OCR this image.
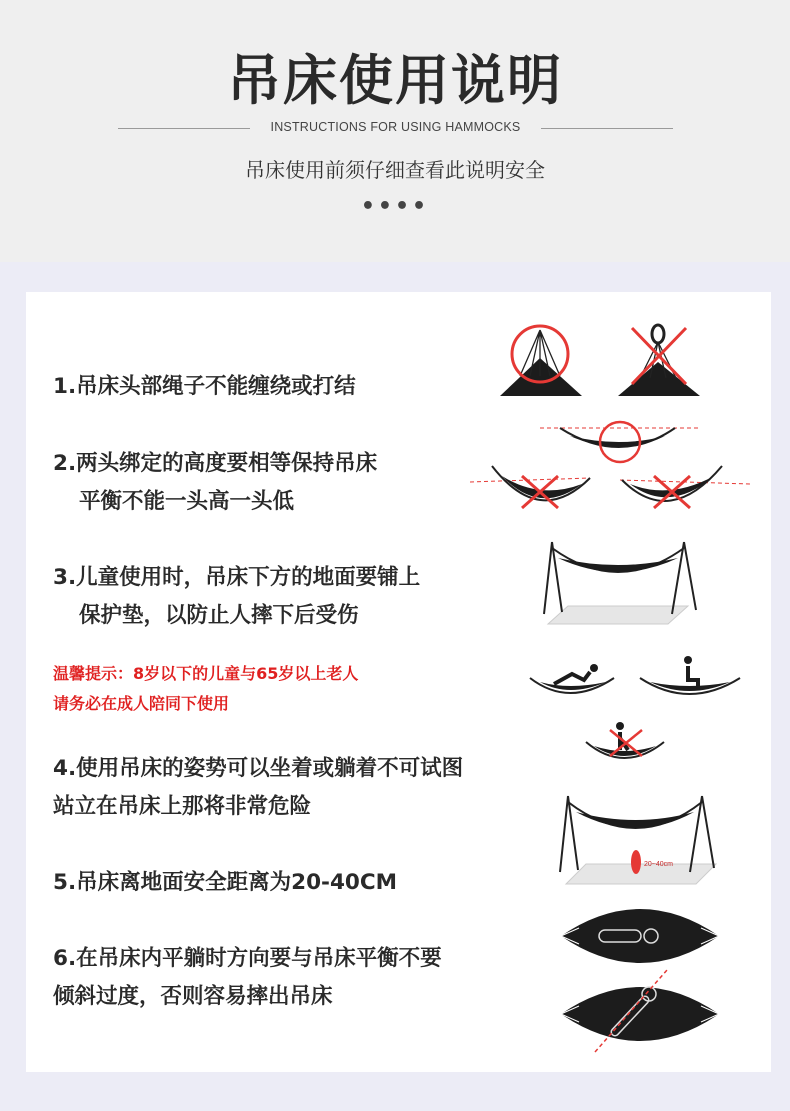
吊床使用说明
INSTRUCTIONS FOR USING HAMMOCKS
吊床使用前须仔细查看此说明安全
••••
1.吊床头部绳子不能缠绕或打结
2.两头绑定的高度要相等保持吊床
平衡不能一头高一头低
3.儿童使用时，吊床下方的地面要铺上
保护垫，以防止人摔下后受伤
温馨提示：8岁以下的儿童与65岁以上老人
请务必在成人陪同下使用
4.使用吊床的姿势可以坐着或躺着不可试图
站立在吊床上那将非常危险
5.吊床离地面安全距离为20-40CM
6.在吊床内平躺时方向要与吊床平衡不要
倾斜过度，否则容易摔出吊床
20~40cm
